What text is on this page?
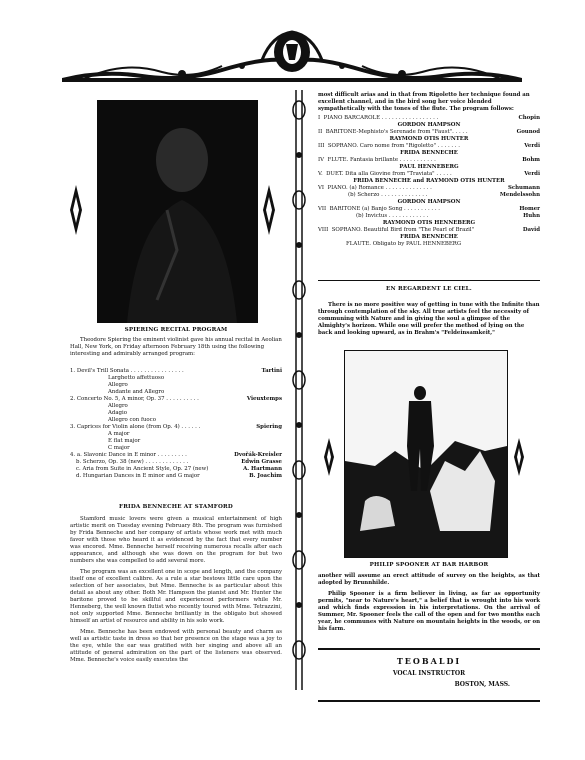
SPIERING RECITAL PROGRAM
Theodore Spiering the eminent violinist gave his annual recital in Aeolian Hall, New York, on Friday afternoon February 18th using the following interesting and admirably arranged program:
1. Devil's Trill Sonata . . . . . . . . . . . . . . . .	Tartini
Larghetto affettuoso
Allegro
Andante and Allegro
2. Concerto No. 5, A minor, Op. 37 . . . . . . . . . .	Vieuxtemps
Allegro
Adagio
Allegro con fuoco
3. Caprices for Violin alone (from Op. 4) . . . . . .	Spiering
A major
E flat major
C major
4. a. Slavonic Dance in E minor . . . . . . . . .	Dvořák-Kreisler
b. Scherzo, Op. 38 (new) . . . . . . . . . . . . .	Edwin Grasse
c. Aria from Suite in Ancient Style, Op. 27 (new)	A. Hartmann
d. Hungarian Dances in E minor and G major	B. Joachim
FRIDA BENNECHE AT STAMFORD

Stamford music lovers were given a musical entertainment of high artistic merit on Tuesday evening February 8th. The program was furnished by Frida Benneche and her company of artists whose work met with much favor with those who heard it as evidenced by the fact that every number was encored. Mme. Benneche herself receiving numerous recalls after each appearance, and although she was down on the program for but two numbers she was compelled to add several more.

The program was an excellent one in scope and length, and the company itself one of excellent calibre. As a rule a star bestows little care upon the selection of her associates, but Mme. Benneche is as particular about this detail as about any other. Both Mr. Hampson the pianist and Mr. Hunter the baritone proved to be skillful and experienced performers while Mr. Henneberg, the well known flutist who recently toured with Mme. Tetrazzini, not only supported Mme. Benneche brilliantly in the obligato but showed himself an artist of resource and ability in his solo work.

Mme. Benneche has been endowed with personal beauty and charm as well as artistic taste in dress so that her presence on the stage was a joy to the eye, while the ear was gratified with her singing and above all an attitude of general admiration on the part of the listeners was observed. Mme. Benneche's voice easily executes the

most difficult arias and in that from Rigoletto her technique found an excellent channel, and in the bird song her voice blended sympathetically with the tones of the flute. The program follows:
I PIANO BARCAROLE . . . . . . . . . . . . . . . . .	Chopin
GORDON HAMPSON
II BARITONE-Mephisto's Serenade from "Faust". . . . .	Gounod
RAYMOND OTIS HUNTER
III SOPRANO. Caro nome from "Rigoletto" . . . . . . .	Verdi
FRIDA BENNECHE
IV FLUTE. Fantasia brillante . . . . . . . . . . .	Bohm
PAUL HENNEBERG
V. DUET. Dita alla Giovine from "Traviata" . . . . .	Verdi
FRIDA BENNECHE and RAYMOND OTIS HUNTER
VI PIANO. (a) Romance . . . . . . . . . . . . . .	Schumann
(b) Scherzo . . . . . . . . . . . . . .	Mendelssohn
GORDON HAMPSON
VII BARITONE (a) Banjo Song . . . . . . . . . . .	Homer
(b) Invictus . . . . . . . . . . . .	Huhn
RAYMOND OTIS HENNEBERG
VIII SOPRANO. Beautiful Bird from "The Pearl of Brazil"	David
FRIDA BENNECHE
FLAUTE. Obligato by PAUL HENNEBERG
EN REGARDENT LE CIEL.
There is no more positive way of getting in tune with the Infinite than through contemplation of the sky. All true artists feel the necessity of communing with Nature and in giving the soul a glimpse of the Almighty's horizon. While one will prefer the method of lying on the back and looking upward, as in Brahm's "Feldeinsamkeit,"
PHILIP SPOONER AT BAR HARBOR

another will assume an erect attitude of survey on the heights, as that adopted by Brunnhilde.

Philip Spooner is a firm believer in living, as far as opportunity permits, "near to Nature's heart," a belief that is wrought into his work and which finds expression in his interpretations. On the arrival of Summer, Mr. Spooner feels the call of the open and for two months each year, he communes with Nature on mountain heights in the woods, or on his farm.

TEOBALDI
VOCAL INSTRUCTOR
BOSTON, MASS.
